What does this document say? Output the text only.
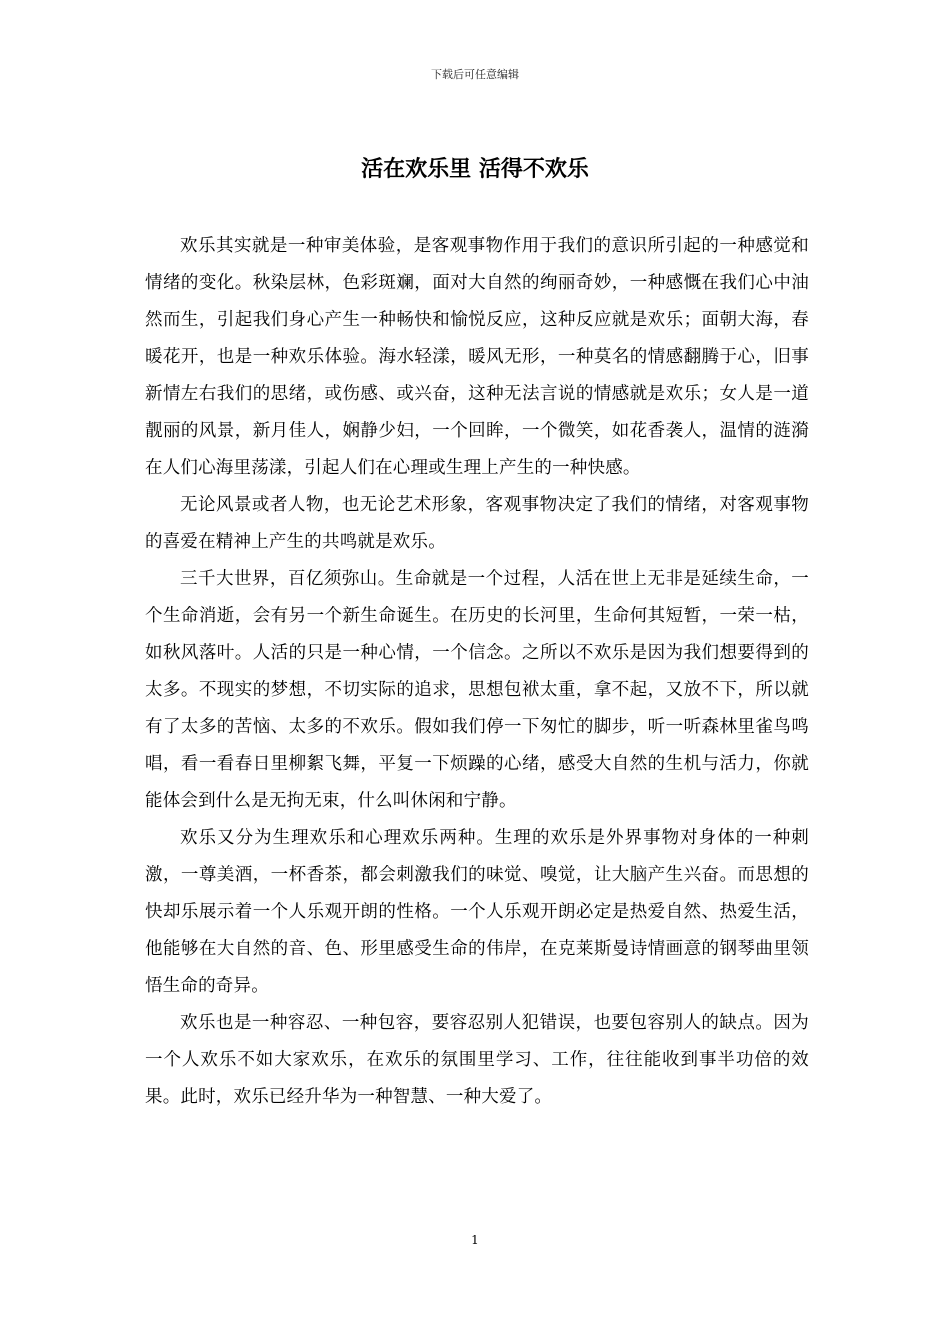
下载后可任意编辑
活在欢乐里 活得不欢乐

欢乐其实就是一种审美体验，是客观事物作用于我们的意识所引起的一种感觉和情绪的变化。秋染层林，色彩斑斓，面对大自然的绚丽奇妙，一种感慨在我们心中油然而生，引起我们身心产生一种畅快和愉悦反应，这种反应就是欢乐；面朝大海，春暖花开，也是一种欢乐体验。海水轻漾，暖风无形，一种莫名的情感翻腾于心，旧事新情左右我们的思绪，或伤感、或兴奋，这种无法言说的情感就是欢乐；女人是一道靓丽的风景，新月佳人，娴静少妇，一个回眸，一个微笑，如花香袭人，温情的涟漪在人们心海里荡漾，引起人们在心理或生理上产生的一种快感。

无论风景或者人物，也无论艺术形象，客观事物决定了我们的情绪，对客观事物的喜爱在精神上产生的共鸣就是欢乐。

三千大世界，百亿须弥山。生命就是一个过程，人活在世上无非是延续生命，一个生命消逝，会有另一个新生命诞生。在历史的长河里，生命何其短暂，一荣一枯，如秋风落叶。人活的只是一种心情，一个信念。之所以不欢乐是因为我们想要得到的太多。不现实的梦想，不切实际的追求，思想包袱太重，拿不起，又放不下，所以就有了太多的苦恼、太多的不欢乐。假如我们停一下匆忙的脚步，听一听森林里雀鸟鸣唱，看一看春日里柳絮飞舞，平复一下烦躁的心绪，感受大自然的生机与活力，你就能体会到什么是无拘无束，什么叫休闲和宁静。

欢乐又分为生理欢乐和心理欢乐两种。生理的欢乐是外界事物对身体的一种刺激，一尊美酒，一杯香茶，都会刺激我们的味觉、嗅觉，让大脑产生兴奋。而思想的快却乐展示着一个人乐观开朗的性格。一个人乐观开朗必定是热爱自然、热爱生活，他能够在大自然的音、色、形里感受生命的伟岸，在克莱斯曼诗情画意的钢琴曲里领悟生命的奇异。

欢乐也是一种容忍、一种包容，要容忍别人犯错误，也要包容别人的缺点。因为一个人欢乐不如大家欢乐，在欢乐的氛围里学习、工作，往往能收到事半功倍的效果。此时，欢乐已经升华为一种智慧、一种大爱了。

1
